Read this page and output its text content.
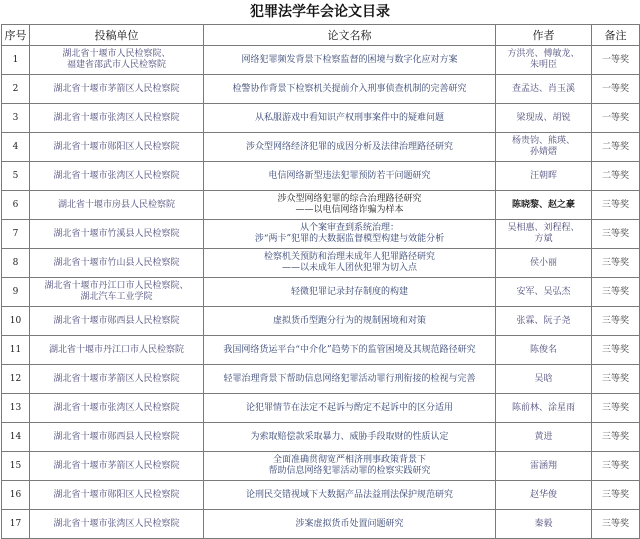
犯罪法学年会论文目录
序号	投稿单位	论文名称	作者	备注
1	湖北省十堰市人民检察院、
福建省邵武市人民检察院	网络犯罪频发背景下检察监督的困境与数字化应对方案	方洪亮、傅敏龙、
朱明臣	一等奖
2	湖北省十堰市茅箭区人民检察院	检警协作背景下检察机关提前介入刑事侦查机制的完善研究	查孟达、肖玉溪	一等奖
3	湖北省十堰市张湾区人民检察院	从私服游戏中看知识产权刑事案件中的疑难问题	梁现成、胡锐	一等奖
4	湖北省十堰市郧阳区人民检察院	涉众型网络经济犯罪的成因分析及法律治理路径研究	杨贵钧、熊瑛、
孙婧熠	二等奖
5	湖北省十堰市张湾区人民检察院	电信网络新型违法犯罪预防若干问题研究	汪朝晖	二等奖
6	湖北省十堰市房县人民检察院	涉众型网络犯罪的综合治理路径研究
——以电信网络诈骗为样本	陈晓黎、赵之豪	三等奖
7	湖北省十堰市竹溪县人民检察院	从个案审查到系统治理：
涉“两卡”犯罪的大数据监督模型构建与效能分析	吴相惠、刘程程、
方斌	三等奖
8	湖北省十堰市竹山县人民检察院	检察机关预防和治理未成年人犯罪路径研究
——以未成年人团伙犯罪为切入点	侯小丽	三等奖
9	湖北省十堰市丹江口市人民检察院、
湖北汽车工业学院	轻微犯罪记录封存制度的构建	安军、吴弘杰	三等奖
10	湖北省十堰市郧西县人民检察院	虚拟货币型跑分行为的规制困境和对策	张霖、阮子尧	三等奖
11	湖北省十堰市丹江口市人民检察院	我国网络货运平台“中介化”趋势下的监管困境及其规范路径研究	陈俊名	三等奖
12	湖北省十堰市茅箭区人民检察院	轻罪治理背景下帮助信息网络犯罪活动罪行刑衔接的检视与完善	吴晗	三等奖
13	湖北省十堰市张湾区人民检察院	论犯罪情节在法定不起诉与酌定不起诉中的区分适用	陈前林、涂星雨	三等奖
14	湖北省十堰市郧西县人民检察院	为索取赔偿款采取暴力、威胁手段取财的性质认定	黄进	三等奖
15	湖北省十堰市茅箭区人民检察院	全面准确贯彻宽严相济刑事政策背景下
帮助信息网络犯罪活动罪的检察实践研究	雷涵翔	三等奖
16	湖北省十堰市郧阳区人民检察院	论刑民交错视域下大数据产品法益刑法保护规范研究	赵华俊	三等奖
17	湖北省十堰市张湾区人民检察院	涉案虚拟货币处置问题研究	秦毅	三等奖
